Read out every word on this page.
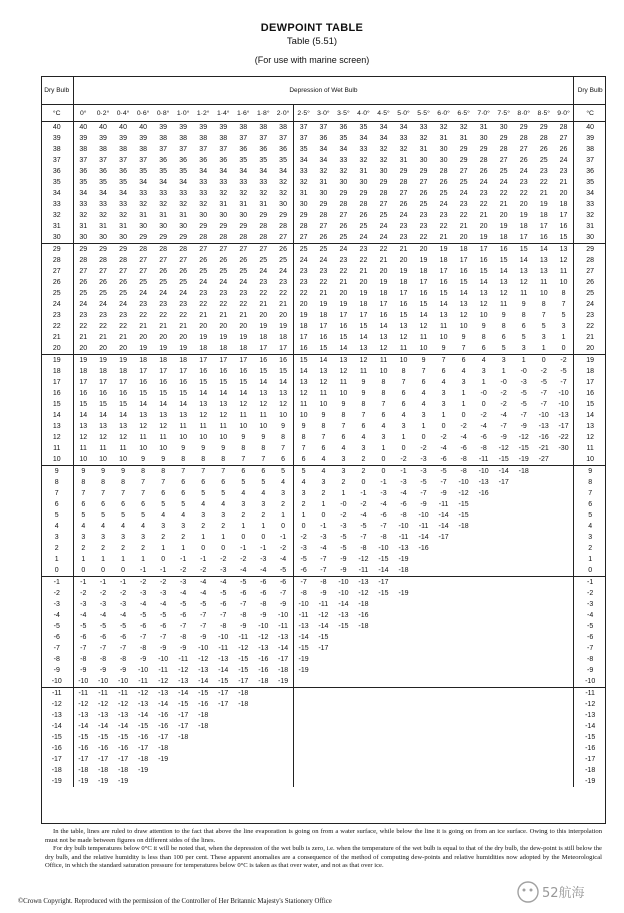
DEWPOINT TABLE
Table (5.51)
(For use with marine screen)
Dry Bulb	Depression of Wet Bulb																									Dry Bulb
°C	0°	0·2°	0·4°	0·6°	0·8°	1·0°	1·2°	1·4°	1·6°	1·8°	2·0°	2·5°	3·0°	3·5°	4·0°	4·5°	5·0°	5·5°	6·0°	6·5°	7·0°	7·5°	8·0°	8·5°	9·0°	°C
40	40	40	40	40	39	39	39	39	38	38	38	37	37	36	35	34	34	33	32	32	31	30	29	29	28	40
39	39	39	39	39	38	38	38	38	37	37	37	37	36	35	34	34	33	32	31	31	30	29	28	28	27	39
38	38	38	38	38	37	37	37	37	36	36	36	35	34	34	33	32	32	31	30	29	29	28	27	26	26	38
37	37	37	37	37	36	36	36	36	35	35	35	34	34	33	32	32	31	30	30	29	28	27	26	25	24	37
36	36	36	36	35	35	35	34	34	34	34	34	33	32	32	31	30	29	29	28	27	26	25	24	23	23	36
35	35	35	35	34	34	34	33	33	33	33	32	32	31	30	30	29	28	27	26	25	24	24	23	22	21	35
34	34	34	34	33	33	33	33	32	32	32	32	31	30	29	29	28	27	26	25	24	23	22	22	21	20	34
33	33	33	33	32	32	32	32	31	31	31	30	30	29	28	28	27	26	25	24	23	22	21	20	19	18	33
32	32	32	32	31	31	31	30	30	30	29	29	29	28	27	26	25	24	23	23	22	21	20	19	18	17	32
31	31	31	31	30	30	30	29	29	29	28	28	28	27	26	25	24	23	23	22	21	20	19	18	17	16	31
30	30	30	30	29	29	29	28	28	28	28	27	27	26	25	24	24	23	22	21	20	19	18	17	16	15	30
29	29	29	29	28	28	28	27	27	27	27	26	25	25	24	23	22	21	20	19	18	17	16	15	14	13	29
28	28	28	28	27	27	27	26	26	26	25	25	24	24	23	22	21	20	19	18	17	16	15	14	13	12	28
27	27	27	27	27	26	26	25	25	25	24	24	23	23	22	21	20	19	18	17	16	15	14	13	13	11	27
26	26	26	26	25	25	25	24	24	24	23	23	23	22	21	20	19	18	17	16	15	14	13	12	11	10	26
25	25	25	25	24	24	24	23	23	23	22	22	22	21	20	19	18	17	16	15	14	13	12	11	10	8	25
24	24	24	24	23	23	23	22	22	22	21	21	20	19	19	18	17	16	15	14	13	12	11	9	8	7	24
23	23	23	23	22	22	22	21	21	21	20	20	19	18	17	17	16	15	14	13	12	10	9	8	7	5	23
22	22	22	22	21	21	21	20	20	20	19	19	18	17	16	15	14	13	12	11	10	9	8	6	5	3	22
21	21	21	21	20	20	20	19	19	19	18	18	17	16	15	14	13	12	11	10	9	8	6	5	3	1	21
20	20	20	20	19	19	19	18	18	18	17	17	16	15	14	13	12	11	10	9	7	6	5	3	1	0	20
19	19	19	19	18	18	18	17	17	17	16	16	15	14	13	12	11	10	9	7	6	4	3	1	0	-2	19
18	18	18	18	17	17	17	16	16	16	15	15	14	13	12	11	10	8	7	6	4	3	1	-0	-2	-5	18
17	17	17	17	16	16	16	15	15	15	14	14	13	12	11	9	8	7	6	4	3	1	-0	-3	-5	-7	17
16	16	16	16	15	15	15	14	14	14	13	13	12	11	10	9	8	6	4	3	1	-0	-2	-5	-7	-10	16
15	15	15	15	14	14	14	13	13	12	12	12	11	10	9	8	7	6	4	3	1	0	-2	-5	-7	-10	15
14	14	14	14	13	13	13	12	12	11	11	10	10	9	8	7	6	4	3	1	0	-2	-4	-7	-10	-13	14
13	13	13	13	12	12	11	11	11	10	10	9	9	8	7	6	4	3	1	0	-2	-4	-7	-9	-13	-17	13
12	12	12	12	11	11	10	10	10	9	9	8	8	7	6	4	3	1	0	-2	-4	-6	-9	-12	-16	-22	12
11	11	11	11	10	10	9	9	9	8	8	7	7	6	4	3	1	0	-2	-4	-6	-8	-12	-15	-21	-30	11
10	10	10	10	9	9	8	8	8	7	7	6	6	4	3	2	0	-2	-3	-6	-8	-11	-15	-19	-27		10
9	9	9	9	8	8	7	7	7	6	6	5	5	4	3	2	0	-1	-3	-5	-8	-10	-14	-18			9
8	8	8	8	7	7	6	6	6	5	5	4	4	3	2	0	-1	-3	-5	-7	-10	-13	-17				8
7	7	7	7	7	6	6	5	5	4	4	3	3	2	1	-1	-3	-4	-7	-9	-12	-16					7
6	6	6	6	6	5	5	4	4	3	3	2	2	1	-0	-2	-4	-6	-9	-11	-15						6
5	5	5	5	5	4	4	3	3	2	2	1	1	0	-2	-4	-6	-8	-10	-14	-15						5
4	4	4	4	4	3	3	2	2	1	1	0	0	-1	-3	-5	-7	-10	-11	-14	-18						4
3	3	3	3	3	2	2	1	1	0	0	-1	-2	-3	-5	-7	-8	-11	-14	-17							3
2	2	2	2	2	1	1	0	0	-1	-1	-2	-3	-4	-5	-8	-10	-13	-16								2
1	1	1	1	1	0	-1	-1	-2	-2	-3	-4	-5	-7	-9	-12	-15	-19									1
0	0	0	0	-1	-1	-2	-2	-3	-4	-4	-5	-6	-7	-9	-11	-14	-18									0
-1	-1	-1	-1	-2	-2	-3	-4	-4	-5	-6	-6	-7	-8	-10	-13	-17										-1
-2	-2	-2	-2	-3	-3	-4	-4	-5	-6	-6	-7	-8	-9	-10	-12	-15	-19									-2
-3	-3	-3	-3	-4	-4	-5	-5	-6	-7	-8	-9	-10	-11	-14	-18											-3
-4	-4	-4	-4	-5	-5	-6	-7	-7	-8	-9	-10	-11	-12	-13	-16											-4
-5	-5	-5	-5	-6	-6	-7	-7	-8	-9	-10	-11	-13	-14	-15	-18											-5
-6	-6	-6	-6	-7	-7	-8	-9	-10	-11	-12	-13	-14	-15													-6
-7	-7	-7	-7	-8	-9	-9	-10	-11	-12	-13	-14	-15	-17													-7
-8	-8	-8	-8	-9	-10	-11	-12	-13	-15	-16	-17	-19														-8
-9	-9	-9	-9	-10	-11	-12	-13	-14	-15	-16	-18	-19														-9
-10	-10	-10	-10	-11	-12	-13	-14	-15	-17	-18	-19															-10
-11	-11	-11	-11	-12	-13	-14	-15	-17	-18																	-11
-12	-12	-12	-12	-13	-14	-15	-16	-17	-18																	-12
-13	-13	-13	-13	-14	-16	-17	-18																			-13
-14	-14	-14	-14	-15	-16	-17	-18																			-14
-15	-15	-15	-15	-16	-17	-18																				-15
-16	-16	-16	-16	-17	-18																					-16
-17	-17	-17	-17	-18	-19																					-17
-18	-18	-18	-18	-19																						-18
-19	-19	-19	-19																							-19

In the table, lines are ruled to draw attention to the fact that above the line evaporation is going on from a water surface, while below the line it is going on from an ice surface. Owing to this interpolation must not be made between figures on different sides of the lines.

For dry bulb temperatures below 0°C it will be noted that, when the depression of the wet bulb is zero, i.e. when the temperature of the wet bulb is equal to that of the dry bulb, the dew-point is still below the dry bulb, and the relative humidity is less than 100 per cent. These apparent anomalies are a consequence of the method of computing dew-points and relative humidities now adopted by the Meteorological Office, in which the standard saturation pressure for temperatures below 0°C is taken as that over water, and not as that over ice.

©Crown Copyright. Reproduced with the permission of the Controller of Her Britannic Majesty's Stationery Office
52航海
